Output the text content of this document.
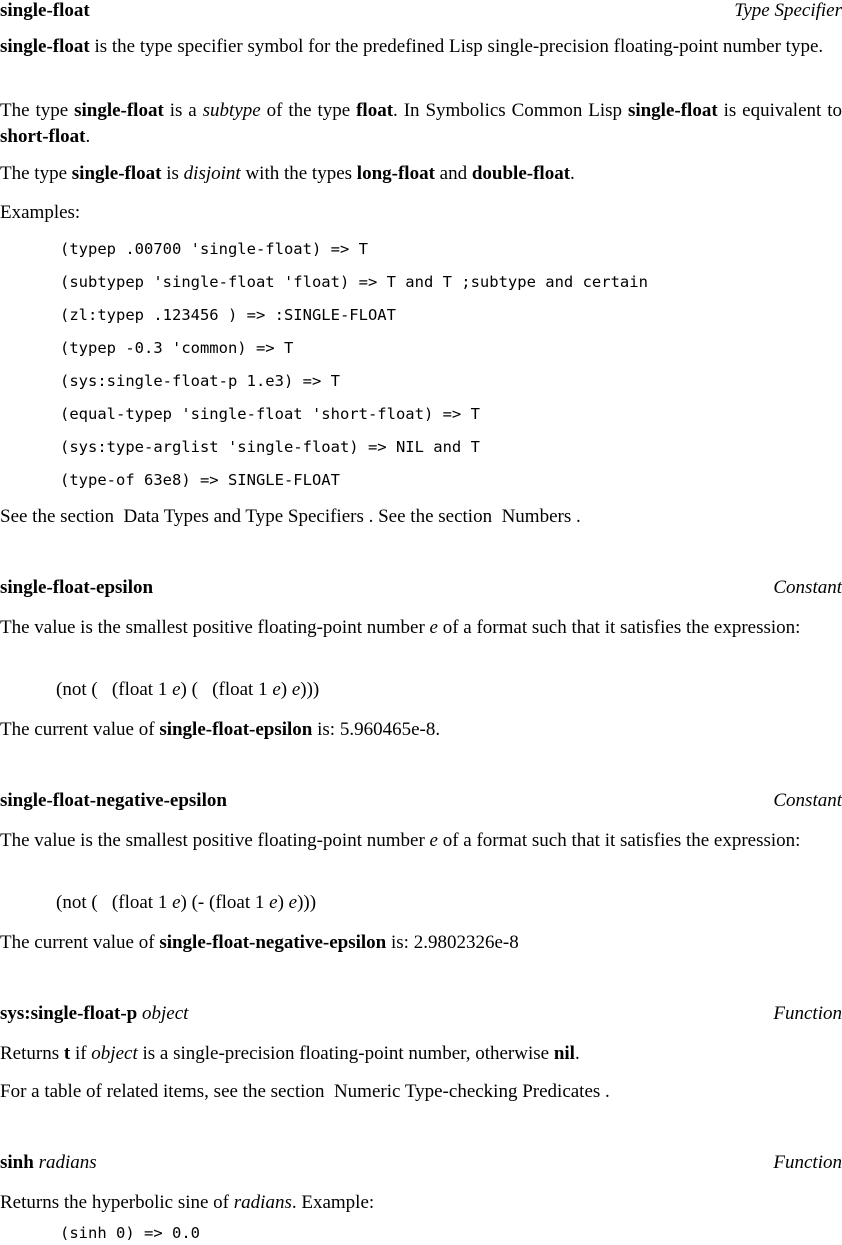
single-float	Type Specifier
single-float is the type specifier symbol for the predefined Lisp single-precision floating-point number type.
The type single-float is a subtype of the type float. In Symbolics Common Lisp single-float is equivalent to short-float.
The type single-float is disjoint with the types long-float and double-float.
Examples:
(typep .00700 'single-float) => T
(subtypep 'single-float 'float) => T and T ;subtype and certain
(zl:typep .123456 ) => :SINGLE-FLOAT
(typep -0.3 'common) => T
(sys:single-float-p 1.e3) => T
(equal-typep 'single-float 'short-float) => T
(sys:type-arglist 'single-float) => NIL and T
(type-of 63e8) => SINGLE-FLOAT
See the section  Data Types and Type Specifiers . See the section  Numbers .
single-float-epsilon	Constant
The value is the smallest positive floating-point number e of a format such that it satisfies the expression:
(not (   (float 1 e) (   (float 1 e) e)))
The current value of single-float-epsilon is: 5.960465e-8.
single-float-negative-epsilon	Constant
The value is the smallest positive floating-point number e of a format such that it satisfies the expression:
(not (   (float 1 e) (- (float 1 e) e)))
The current value of single-float-negative-epsilon is: 2.9802326e-8
sys:single-float-p object	Function
Returns t if object is a single-precision floating-point number, otherwise nil.
For a table of related items, see the section  Numeric Type-checking Predicates .
sinh radians	Function
Returns the hyperbolic sine of radians. Example:
(sinh 0) => 0.0
